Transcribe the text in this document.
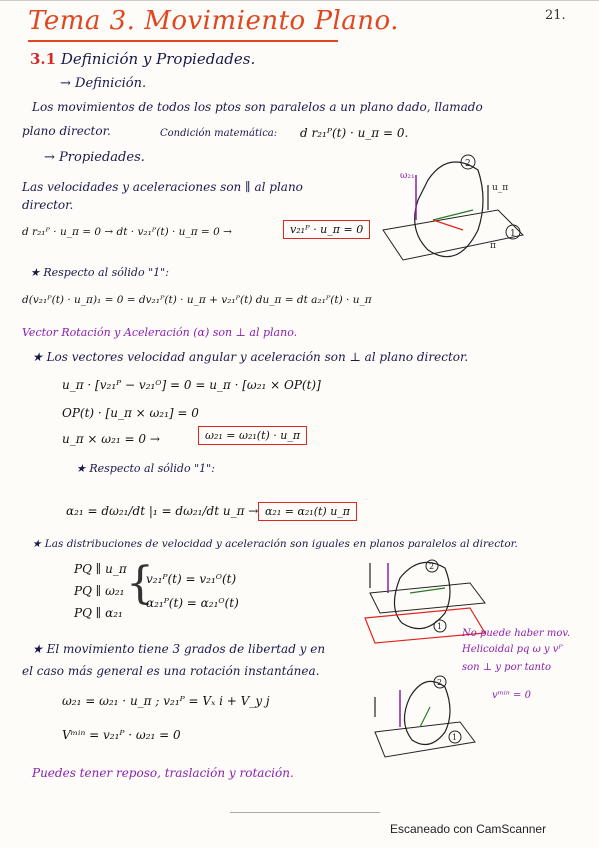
Tema 3. Movimiento Plano.	21.
3.1 Definición y Propiedades.
→ Definición.
Los movimientos de todos los ptos son paralelos a un plano dado, llamado
plano director.	Condición matemática: d r₂₁ᴾ(t) · u_π = 0.
→ Propiedades.
Las velocidades y aceleraciones son ∥ al plano
director.
d r₂₁ᴾ · u_π = 0 → dt · v₂₁ᴾ(t) · u_π = 0 →	v₂₁ᴾ · u_π = 0
2
1
ω₂₁
u_π
π
★ Respecto al sólido "1":
d(v₂₁ᴾ(t) · u_π)₁ = 0 = dv₂₁ᴾ(t) · u_π + v₂₁ᴾ(t) du_π = dt a₂₁ᴾ(t) · u_π
Vector Rotación y Aceleración (α) son ⊥ al plano.
★ Los vectores velocidad angular y aceleración son ⊥ al plano director.
u_π · [v₂₁ᴾ − v₂₁ᴼ] = 0 = u_π · [ω₂₁ × OP(t)]
OP(t) · [u_π × ω₂₁] = 0
u_π × ω₂₁ = 0 →	ω₂₁ = ω₂₁(t) · u_π
★ Respecto al sólido "1":
α₂₁ = dω₂₁/dt |₁ = dω₂₁/dt u_π → α₂₁ = α₂₁(t) u_π
★ Las distribuciones de velocidad y aceleración son iguales en planos paralelos al director.
PQ ∥ u_π
PQ ∥ ω₂₁
PQ ∥ α₂₁
{
v₂₁ᴾ(t) = v₂₁ᴼ(t)
α₂₁ᴾ(t) = α₂₁ᴼ(t)
2
1
No puede haber mov.
Helicoidal pq ω y vᴾ
son ⊥ y por tanto
vᵐⁱⁿ = 0
★ El movimiento tiene 3 grados de libertad y en
el caso más general es una rotación instantánea.
ω₂₁ = ω₂₁ · u_π ; v₂₁ᴾ = Vₓ i + V_y j
Vᵐⁱⁿ = v₂₁ᴾ · ω₂₁ = 0
2
1
Puedes tener reposo, traslación y rotación.
Escaneado con CamScanner
